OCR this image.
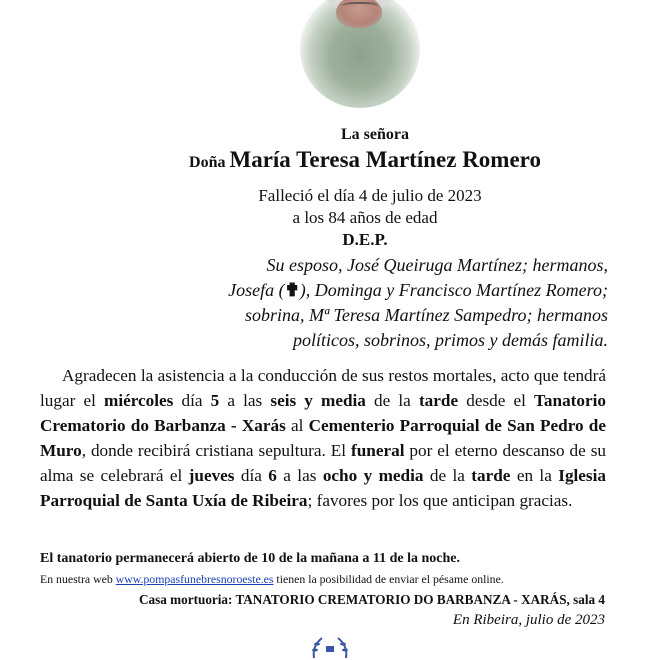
La señora
Doña María Teresa Martínez Romero
Falleció el día 4 de julio de 2023
a los 84 años de edad
D.E.P.
Su esposo, José Queiruga Martínez; hermanos,
Josefa (✟), Dominga y Francisco Martínez Romero;
sobrina, Mª Teresa Martínez Sampedro; hermanos
políticos, sobrinos, primos y demás familia.
Agradecen la asistencia a la conducción de sus restos mortales, acto que tendrá lugar el miércoles día 5 a las seis y media de la tarde desde el Tanatorio Crematorio do Barbanza - Xarás al Cementerio Parroquial de San Pedro de Muro, donde recibirá cristiana sepultura. El funeral por el eterno descanso de su alma se celebrará el jueves día 6 a las ocho y media de la tarde en la Iglesia Parroquial de Santa Uxía de Ribeira; favores por los que anticipan gracias.
El tanatorio permanecerá abierto de 10 de la mañana a 11 de la noche.
En nuestra web www.pompasfunebresnoroeste.es tienen la posibilidad de enviar el pésame online.
Casa mortuoria: TANATORIO CREMATORIO DO BARBANZA - XARÁS, sala 4
En Ribeira, julio de 2023
